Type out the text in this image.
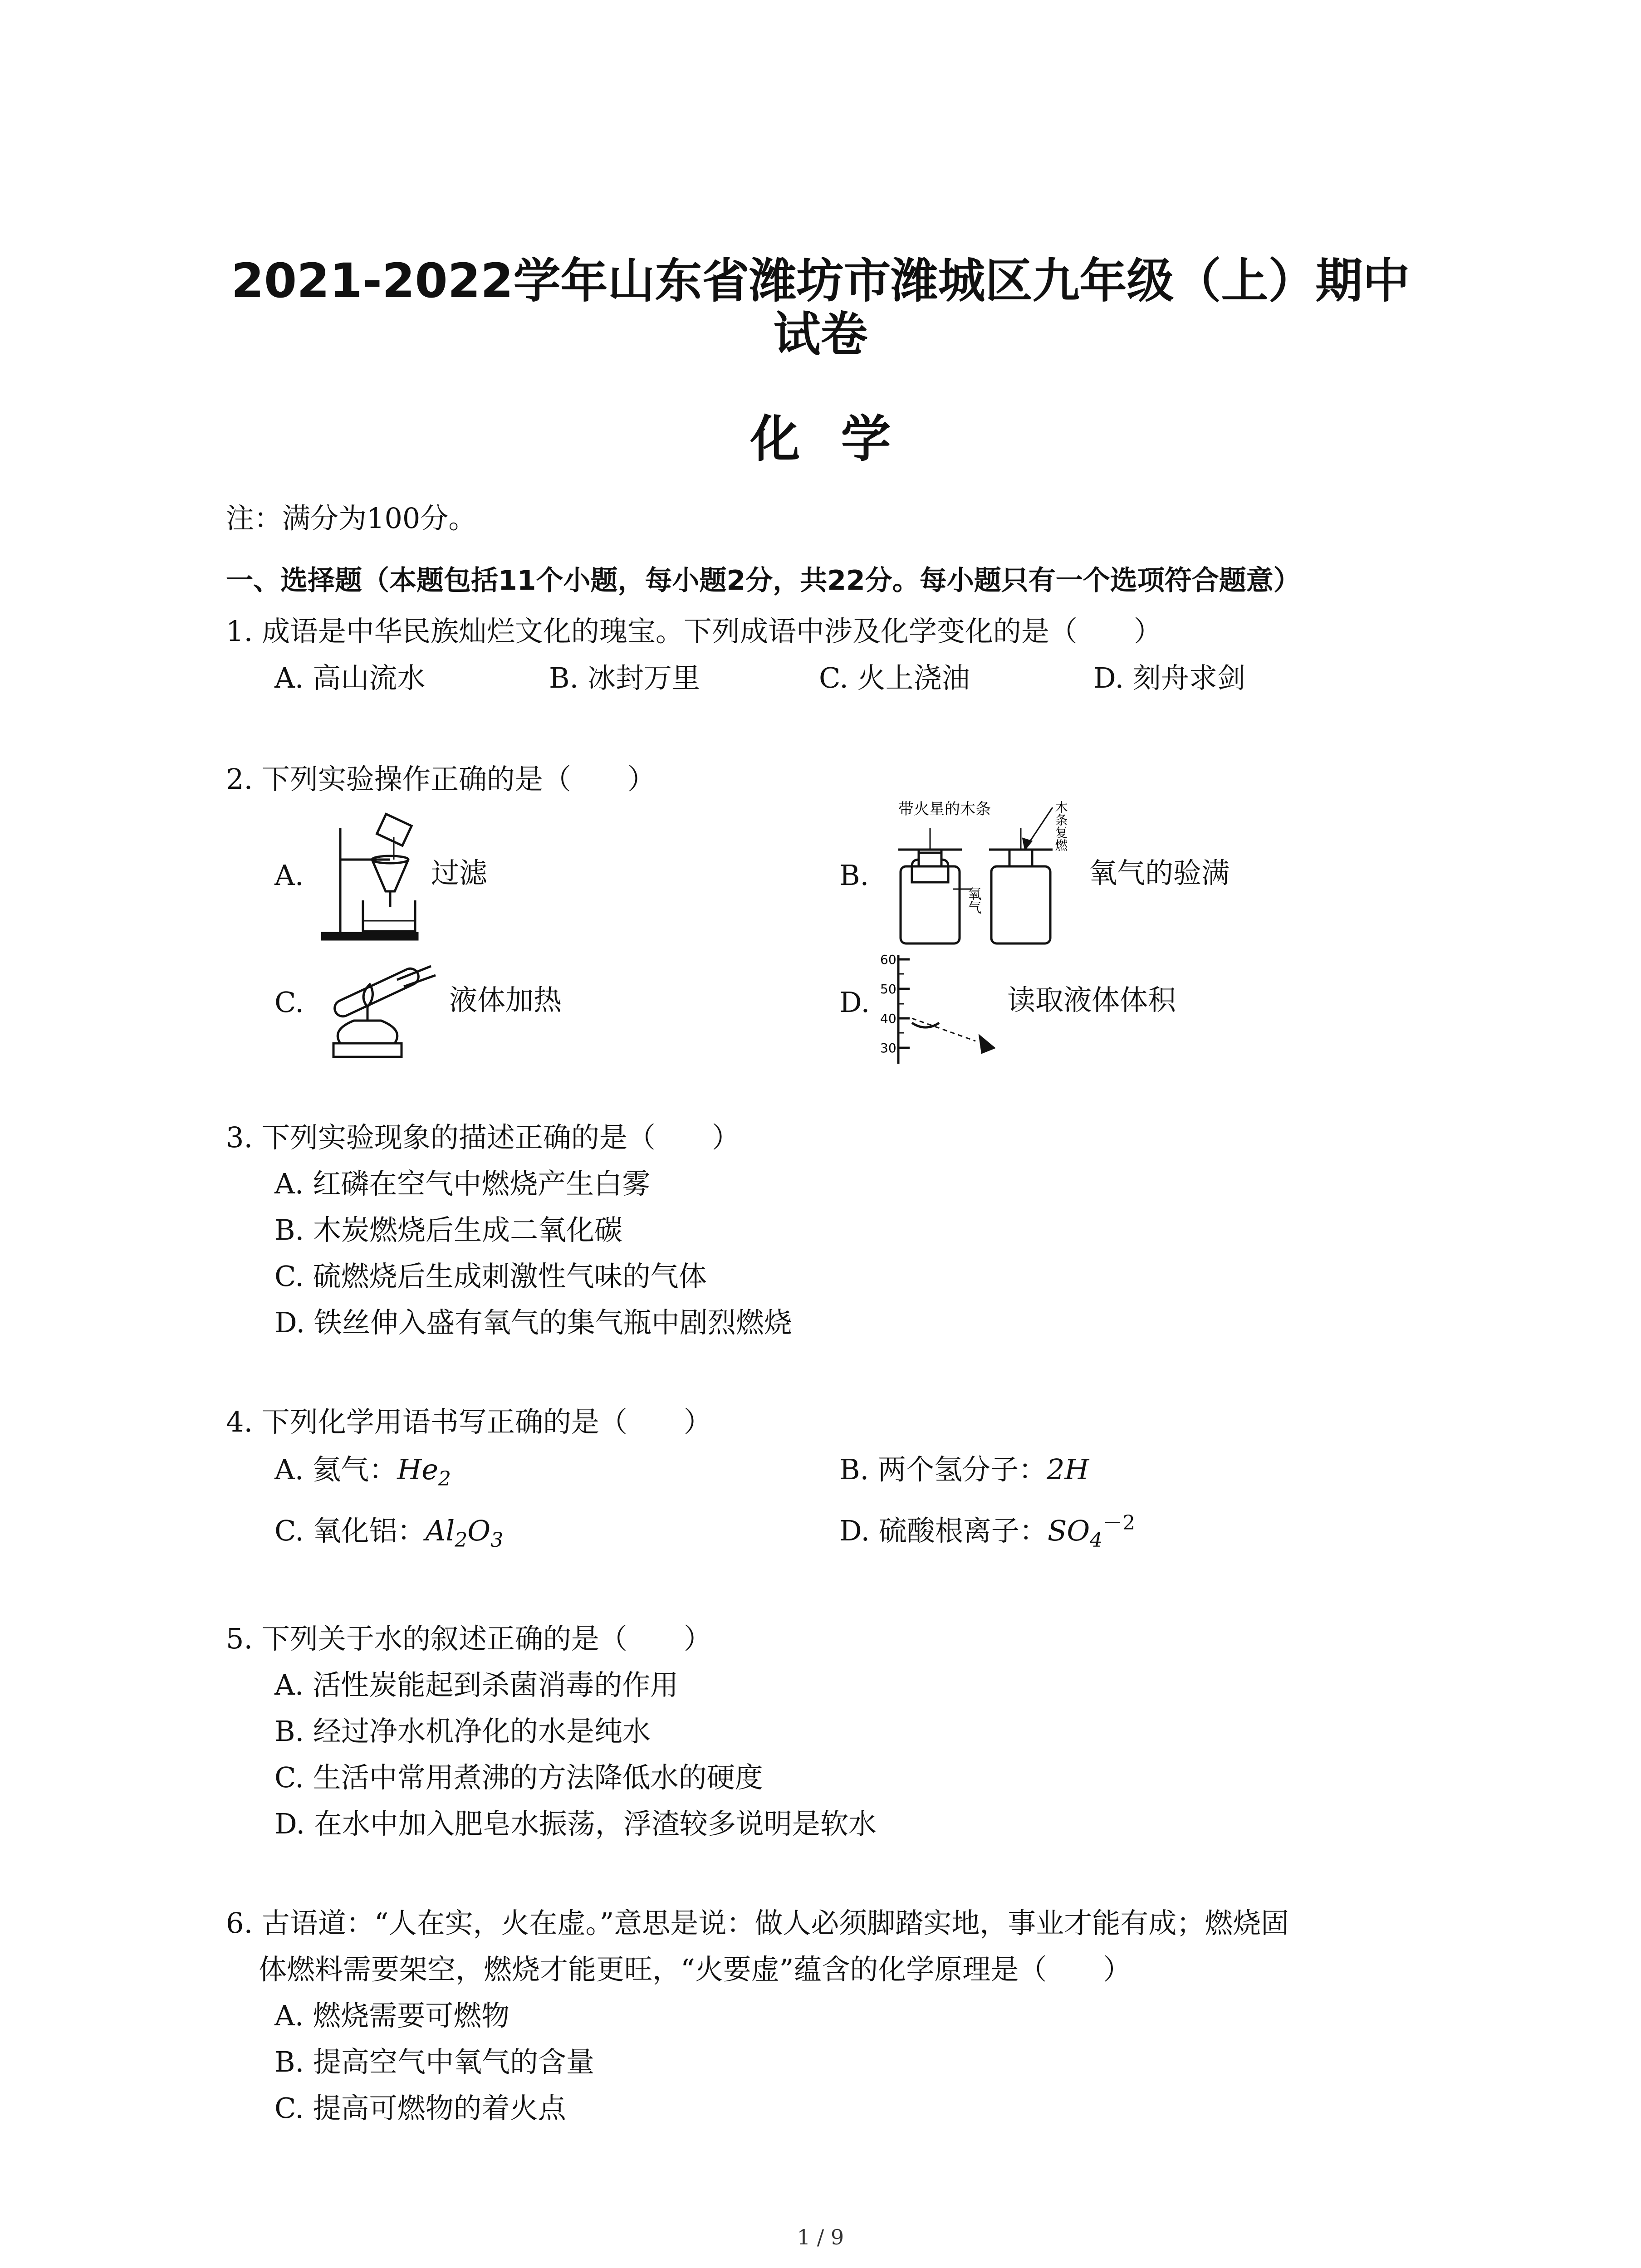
2021-2022学年山东省潍坊市潍城区九年级（上）期中
试卷
化学
注：满分为100分。
一、选择题（本题包括11个小题，每小题2分，共22分。每小题只有一个选项符合题意）
1. 成语是中华民族灿烂文化的瑰宝。下列成语中涉及化学变化的是（　　）
A. 高山流水	B. 冰封万里	C. 火上浇油	D. 刻舟求剑
2. 下列实验操作正确的是（　　）
A.	过滤	B.
带火星的木条
氧气
木条复燃
氧气的验满
C.	液体加热	D.
60
50
40
30
读取液体体积
3. 下列实验现象的描述正确的是（　　）
A. 红磷在空气中燃烧产生白雾
B. 木炭燃烧后生成二氧化碳
C. 硫燃烧后生成刺激性气味的气体
D. 铁丝伸入盛有氧气的集气瓶中剧烈燃烧
4. 下列化学用语书写正确的是（　　）
A. 氦气：$He_2$	B. 两个氢分子：2H
C. 氧化铝：$Al_2O_3$	D. 硫酸根离子：$SO_4^{-2}$
5. 下列关于水的叙述正确的是（　　）
A. 活性炭能起到杀菌消毒的作用
B. 经过净水机净化的水是纯水
C. 生活中常用煮沸的方法降低水的硬度
D. 在水中加入肥皂水振荡，浮渣较多说明是软水
6. 古语道：“人在实，火在虚。”意思是说：做人必须脚踏实地，事业才能有成；燃烧固
体燃料需要架空，燃烧才能更旺，“火要虚”蕴含的化学原理是（　　）
A. 燃烧需要可燃物
B. 提高空气中氧气的含量
C. 提高可燃物的着火点
1 / 9
